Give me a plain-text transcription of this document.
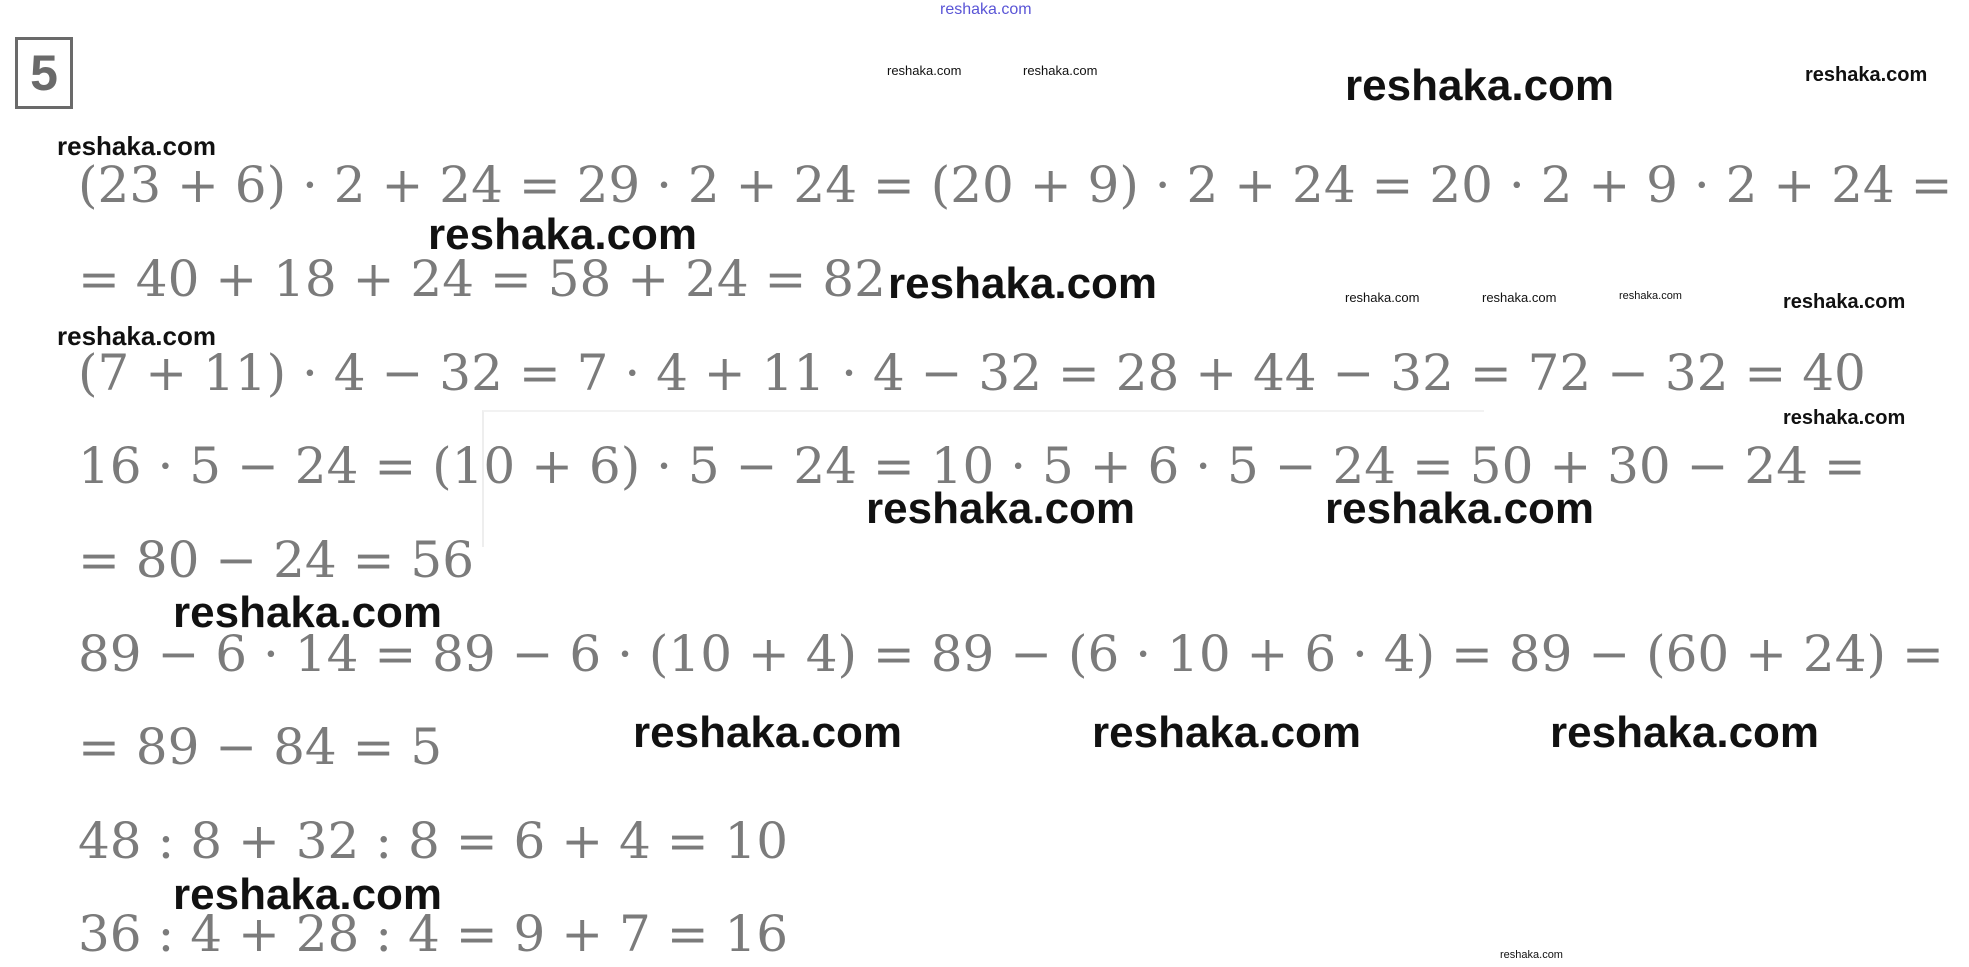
reshaka.com
5

(23 + 6) · 2 + 24 = 29 · 2 + 24 = (20 + 9) · 2 + 24 = 20 · 2 + 9 · 2 + 24 =

= 40 + 18 + 24 = 58 + 24 = 82

(7 + 11) · 4 − 32 = 7 · 4 + 11 · 4 − 32 = 28 + 44 − 32 = 72 − 32 = 40

16 · 5 − 24 = (10 + 6) · 5 − 24 = 10 · 5 + 6 · 5 − 24 = 50 + 30 − 24 =

= 80 − 24 = 56

89 − 6 · 14 = 89 − 6 · (10 + 4) = 89 − (6 · 10 + 6 · 4) = 89 − (60 + 24) =

= 89 − 84 = 5

48 : 8 + 32 : 8 = 6 + 4 = 10

36 : 4 + 28 : 4 = 9 + 7 = 16

reshaka.com	reshaka.com	reshaka.com	reshaka.com
reshaka.com
reshaka.com
reshaka.com	reshaka.com	reshaka.com	reshaka.com	reshaka.com
reshaka.com
reshaka.com
reshaka.com	reshaka.com
reshaka.com
reshaka.com	reshaka.com	reshaka.com
reshaka.com
reshaka.com
